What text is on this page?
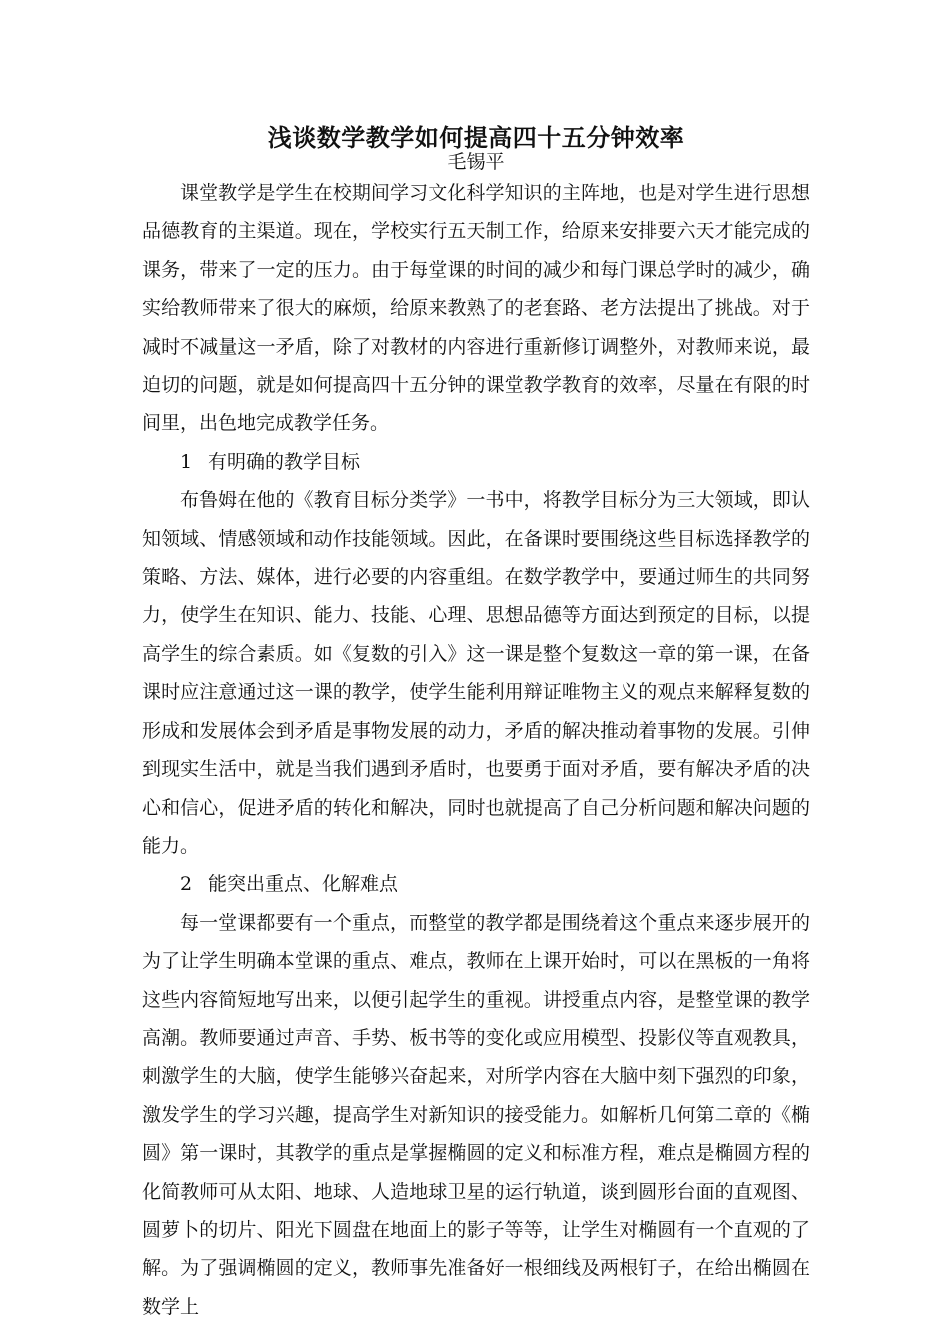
浅谈数学教学如何提高四十五分钟效率

毛锡平

课堂教学是学生在校期间学习文化科学知识的主阵地，也是对学生进行思想品德教育的主渠道。现在，学校实行五天制工作，给原来安排要六天才能完成的课务，带来了一定的压力。由于每堂课的时间的减少和每门课总学时的减少，确实给教师带来了很大的麻烦，给原来教熟了的老套路、老方法提出了挑战。对于减时不减量这一矛盾，除了对教材的内容进行重新修订调整外，对教师来说，最迫切的问题，就是如何提高四十五分钟的课堂教学教育的效率，尽量在有限的时间里，出色地完成教学任务。

1 有明确的教学目标

布鲁姆在他的《教育目标分类学》一书中，将教学目标分为三大领域，即认知领域、情感领域和动作技能领域。因此，在备课时要围绕这些目标选择教学的策略、方法、媒体，进行必要的内容重组。在数学教学中，要通过师生的共同努力，使学生在知识、能力、技能、心理、思想品德等方面达到预定的目标，以提高学生的综合素质。如《复数的引入》这一课是整个复数这一章的第一课，在备课时应注意通过这一课的教学，使学生能利用辩证唯物主义的观点来解释复数的形成和发展体会到矛盾是事物发展的动力，矛盾的解决推动着事物的发展。引伸到现实生活中，就是当我们遇到矛盾时，也要勇于面对矛盾，要有解决矛盾的决心和信心，促进矛盾的转化和解决，同时也就提高了自己分析问题和解决问题的能力。

2 能突出重点、化解难点

每一堂课都要有一个重点，而整堂的教学都是围绕着这个重点来逐步展开的为了让学生明确本堂课的重点、难点，教师在上课开始时，可以在黑板的一角将这些内容简短地写出来，以便引起学生的重视。讲授重点内容，是整堂课的教学高潮。教师要通过声音、手势、板书等的变化或应用模型、投影仪等直观教具，刺激学生的大脑，使学生能够兴奋起来，对所学内容在大脑中刻下强烈的印象，激发学生的学习兴趣，提高学生对新知识的接受能力。如解析几何第二章的《椭圆》第一课时，其教学的重点是掌握椭圆的定义和标准方程，难点是椭圆方程的化简教师可从太阳、地球、人造地球卫星的运行轨道，谈到圆形台面的直观图、圆萝卜的切片、阳光下圆盘在地面上的影子等等，让学生对椭圆有一个直观的了解。为了强调椭圆的定义，教师事先准备好一根细线及两根钉子，在给出椭圆在数学上
